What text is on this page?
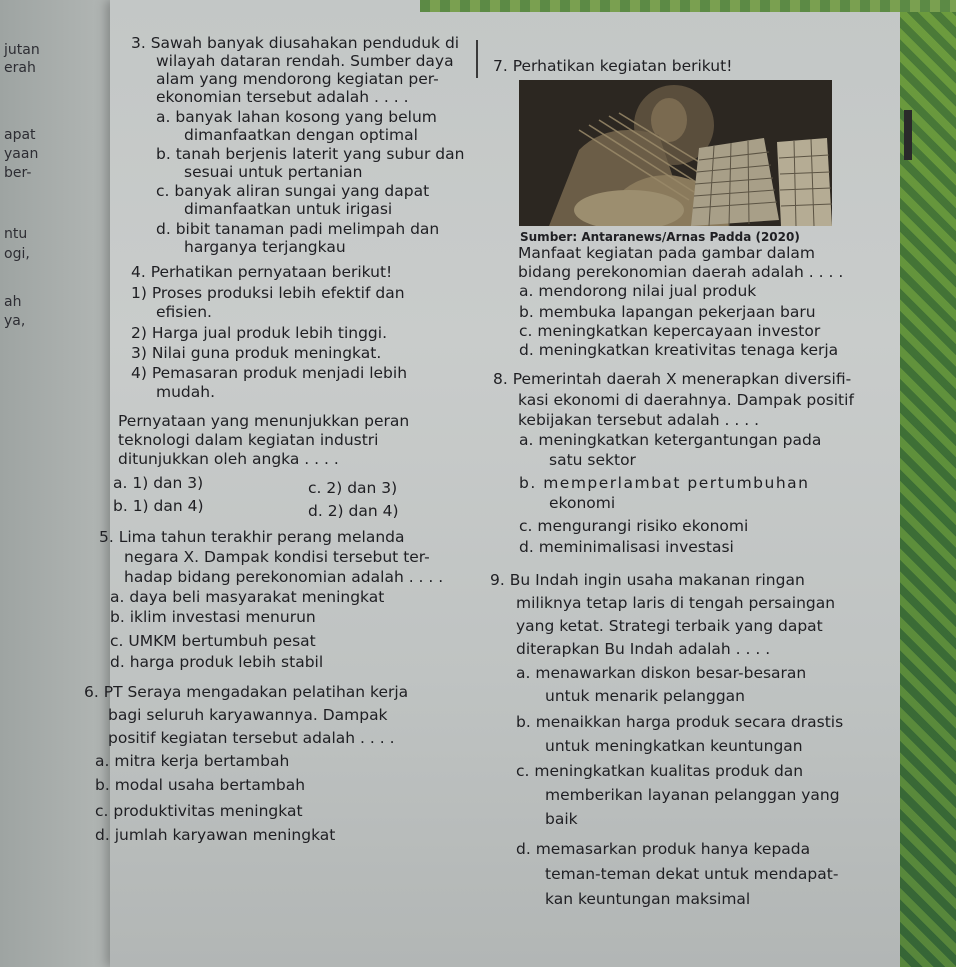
jutan
erah
apat
yaan
ber-
ntu
ogi,
ah
ya,
3. Sawah banyak diusahakan penduduk di
wilayah dataran rendah. Sumber daya
alam yang mendorong kegiatan per-
ekonomian tersebut adalah . . . .
a. banyak lahan kosong yang belum
dimanfaatkan dengan optimal
b. tanah berjenis laterit yang subur dan
sesuai untuk pertanian
c. banyak aliran sungai yang dapat
dimanfaatkan untuk irigasi
d. bibit tanaman padi melimpah dan
harganya terjangkau
4. Perhatikan pernyataan berikut!
1) Proses produksi lebih efektif dan
efisien.
2) Harga jual produk lebih tinggi.
3) Nilai guna produk meningkat.
4) Pemasaran produk menjadi lebih
mudah.
Pernyataan yang menunjukkan peran
teknologi dalam kegiatan industri
ditunjukkan oleh angka . . . .
a. 1) dan 3)
b. 1) dan 4)
c. 2) dan 3)
d. 2) dan 4)
5. Lima tahun terakhir perang melanda
negara X. Dampak kondisi tersebut ter-
hadap bidang perekonomian adalah . . . .
a. daya beli masyarakat meningkat
b. iklim investasi menurun
c. UMKM bertumbuh pesat
d. harga produk lebih stabil
6. PT Seraya mengadakan pelatihan kerja
bagi seluruh karyawannya. Dampak
positif kegiatan tersebut adalah . . . .
a. mitra kerja bertambah
b. modal usaha bertambah
c. produktivitas meningkat
d. jumlah karyawan meningkat
7. Perhatikan kegiatan berikut!
Sumber: Antaranews/Arnas Padda (2020)
Manfaat kegiatan pada gambar dalam
bidang perekonomian daerah adalah . . . .
a. mendorong nilai jual produk
b. membuka lapangan pekerjaan baru
c. meningkatkan kepercayaan investor
d. meningkatkan kreativitas tenaga kerja
8. Pemerintah daerah X menerapkan diversifi-
kasi ekonomi di daerahnya. Dampak positif
kebijakan tersebut adalah . . . .
a. meningkatkan ketergantungan pada
satu sektor
b. memperlambat pertumbuhan
ekonomi
c. mengurangi risiko ekonomi
d. meminimalisasi investasi
9. Bu Indah ingin usaha makanan ringan
miliknya tetap laris di tengah persaingan
yang ketat. Strategi terbaik yang dapat
diterapkan Bu Indah adalah . . . .
a. menawarkan diskon besar-besaran
untuk menarik pelanggan
b. menaikkan harga produk secara drastis
untuk meningkatkan keuntungan
c. meningkatkan kualitas produk dan
memberikan layanan pelanggan yang
baik
d. memasarkan produk hanya kepada
teman-teman dekat untuk mendapat-
kan keuntungan maksimal
